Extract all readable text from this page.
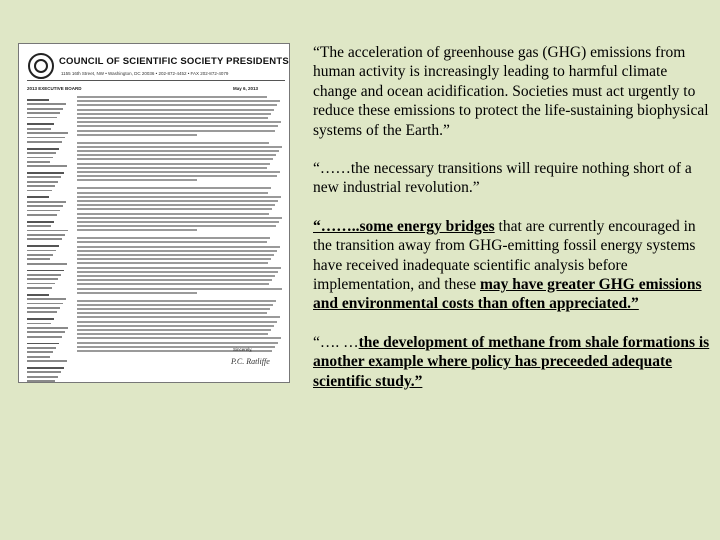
COUNCIL OF SCIENTIFIC SOCIETY PRESIDENTS
1155 16th Street, NW • Washington, DC 20036 • 202-872-4452 • FAX 202-872-4079
2013 EXECUTIVE BOARD	May 6, 2013
Sincerely,
P.C. Ratliffe

“The acceleration of greenhouse gas (GHG) emissions from human activity is increasingly leading to harmful climate change and ocean acidification. Societies must act urgently to reduce these emissions to protect the life-sustaining biophysical systems of the Earth.”

“……the necessary transitions will require nothing short of a new industrial revolution.”

“……..some energy bridges that are currently encouraged in the transition away from GHG-emitting fossil energy systems have received inadequate scientific analysis before implementation, and these may have greater GHG emissions and environmental costs than often appreciated.”

“…. …the development of methane from shale formations is another example where policy has preceeded adequate scientific study.”
